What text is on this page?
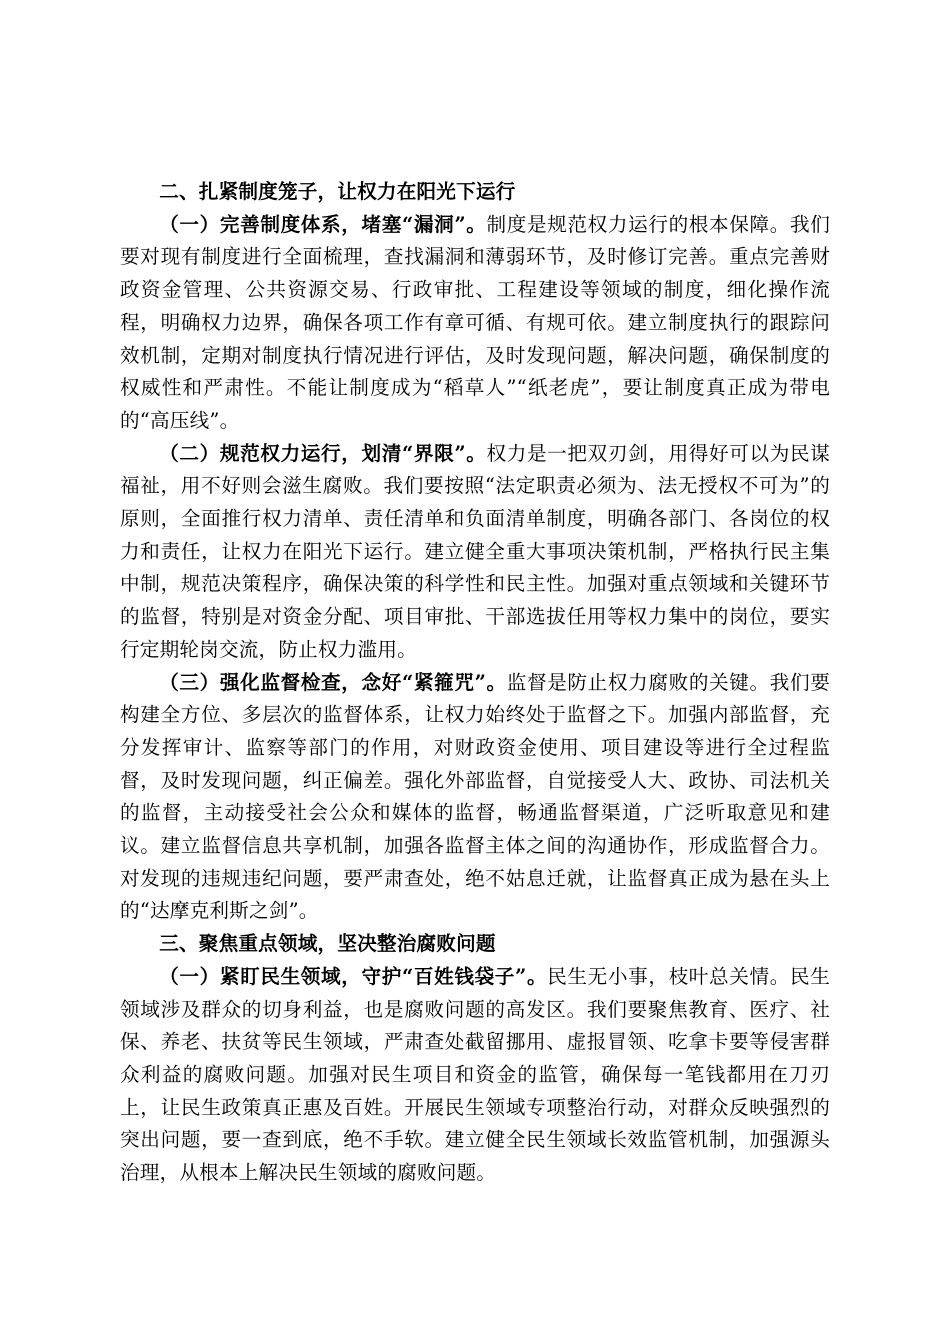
二、扎紧制度笼子，让权力在阳光下运行

（一）完善制度体系，堵塞“漏洞”。制度是规范权力运行的根本保障。我们要对现有制度进行全面梳理，查找漏洞和薄弱环节，及时修订完善。重点完善财政资金管理、公共资源交易、行政审批、工程建设等领域的制度，细化操作流程，明确权力边界，确保各项工作有章可循、有规可依。建立制度执行的跟踪问效机制，定期对制度执行情况进行评估，及时发现问题，解决问题，确保制度的权威性和严肃性。不能让制度成为“稻草人”“纸老虎”，要让制度真正成为带电的“高压线”。

（二）规范权力运行，划清“界限”。权力是一把双刃剑，用得好可以为民谋福祉，用不好则会滋生腐败。我们要按照“法定职责必须为、法无授权不可为”的原则，全面推行权力清单、责任清单和负面清单制度，明确各部门、各岗位的权力和责任，让权力在阳光下运行。建立健全重大事项决策机制，严格执行民主集中制，规范决策程序，确保决策的科学性和民主性。加强对重点领域和关键环节的监督，特别是对资金分配、项目审批、干部选拔任用等权力集中的岗位，要实行定期轮岗交流，防止权力滥用。

（三）强化监督检查，念好“紧箍咒”。监督是防止权力腐败的关键。我们要构建全方位、多层次的监督体系，让权力始终处于监督之下。加强内部监督，充分发挥审计、监察等部门的作用，对财政资金使用、项目建设等进行全过程监督，及时发现问题，纠正偏差。强化外部监督，自觉接受人大、政协、司法机关的监督，主动接受社会公众和媒体的监督，畅通监督渠道，广泛听取意见和建议。建立监督信息共享机制，加强各监督主体之间的沟通协作，形成监督合力。对发现的违规违纪问题，要严肃查处，绝不姑息迁就，让监督真正成为悬在头上的“达摩克利斯之剑”。

三、聚焦重点领域，坚决整治腐败问题

（一）紧盯民生领域，守护“百姓钱袋子”。民生无小事，枝叶总关情。民生领域涉及群众的切身利益，也是腐败问题的高发区。我们要聚焦教育、医疗、社保、养老、扶贫等民生领域，严肃查处截留挪用、虚报冒领、吃拿卡要等侵害群众利益的腐败问题。加强对民生项目和资金的监管，确保每一笔钱都用在刀刃上，让民生政策真正惠及百姓。开展民生领域专项整治行动，对群众反映强烈的突出问题，要一查到底，绝不手软。建立健全民生领域长效监管机制，加强源头治理，从根本上解决民生领域的腐败问题。
